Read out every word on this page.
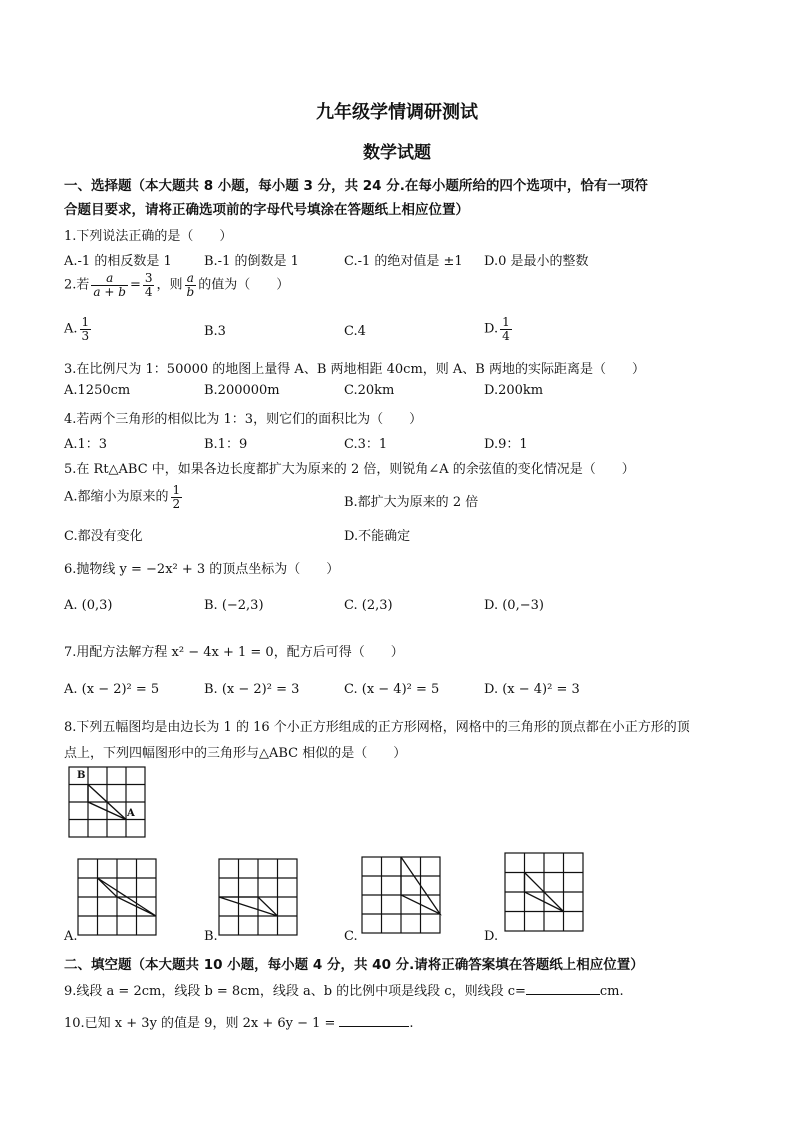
九年级学情调研测试
数学试题
一、选择题（本大题共 8 小题，每小题 3 分，共 24 分.在每小题所给的四个选项中，恰有一项符
合题目要求，请将正确选项前的字母代号填涂在答题纸上相应位置）
1.下列说法正确的是（　　）
A.-1 的相反数是 1 B.-1 的倒数是 1	C.-1 的绝对值是 ±1 D.0 是最小的整数
2.若 $\frac{a}{a + b} = \frac{3}{4}$ ，则 $\frac{a}{b}$ 的值为（　　）
A. $\frac{1}{3}$	B.3	C.4	D. $\frac{1}{4}$
3.在比例尺为 1：50000 的地图上量得 A、B 两地相距 40cm，则 A、B 两地的实际距离是（　　）
A.1250cm	B.200000m	C.20km	D.200km
4.若两个三角形的相似比为 1：3，则它们的面积比为（　　）
A.1：3	B.1：9	C.3：1	D.9：1
5.在 Rt△ABC 中，如果各边长度都扩大为原来的 2 倍，则锐角∠A 的余弦值的变化情况是（　　）
A.都缩小为原来的 $\frac{1}{2}$	B.都扩大为原来的 2 倍
C.都没有变化	D.不能确定
6.抛物线 y = −2x² + 3 的顶点坐标为（　　）
A. (0,3)	B. (−2,3)	C. (2,3)	D. (0,−3)
7.用配方法解方程 x² − 4x + 1 = 0，配方后可得（　　）
A. (x − 2)² = 5	B. (x − 2)² = 3	C. (x − 4)² = 5	D. (x − 4)² = 3
8.下列五幅图均是由边长为 1 的 16 个小正方形组成的正方形网格，网格中的三角形的顶点都在小正方形的顶
点上，下列四幅图形中的三角形与△ABC 相似的是（　　）
B
A
A.	B.	C.	D.
二、填空题（本大题共 10 小题，每小题 4 分，共 40 分.请将正确答案填在答题纸上相应位置）
9.线段 a = 2cm，线段 b = 8cm，线段 a、b 的比例中项是线段 c，则线段 c=	cm.
10.已知 x + 3y 的值是 9，则 2x + 6y − 1 =	.
